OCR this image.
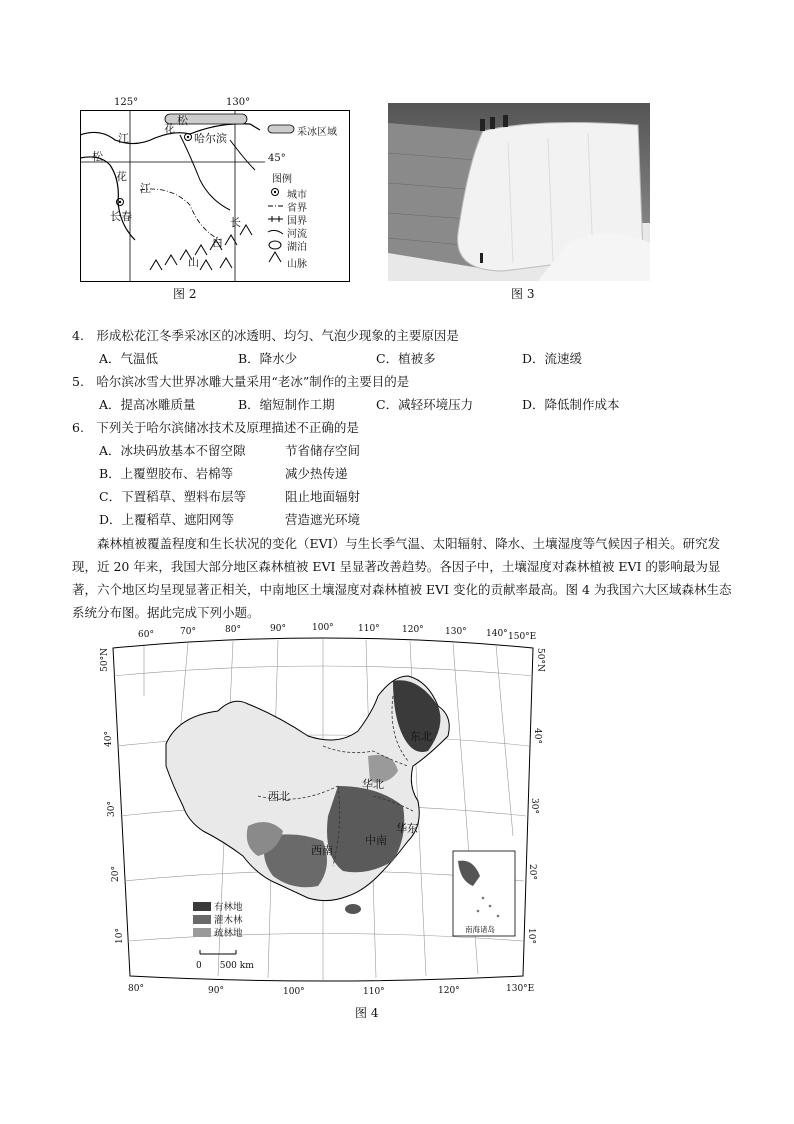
125°	130°
45°
花
松
江
松
花
江
哈尔滨
长春	长
白
山
采冰区域
图例
城市
省界
国界
河流
湖泊
山脉
图 2	图 3
4.　形成松花江冬季采冰区的冰透明、均匀、气泡少现象的主要原因是
A．气温低	B．降水少	C．植被多	D．流速缓
5.　哈尔滨冰雪大世界冰雕大量采用“老冰”制作的主要目的是
A．提高冰雕质量	B．缩短制作工期	C．减轻环境压力	D．降低制作成本
6.　下列关于哈尔滨储冰技术及原理描述不正确的是
A．冰块码放基本不留空隙	节省储存空间
B．上覆塑胶布、岩棉等	减少热传递
C．下置稻草、塑料布层等	阻止地面辐射
D．上覆稻草、遮阳网等	营造遮光环境
森林植被覆盖程度和生长状况的变化（EVI）与生长季气温、太阳辐射、降水、土壤湿度等气候因子相关。研究发现，近 20 年来，我国大部分地区森林植被 EVI 呈显著改善趋势。各因子中，土壤湿度对森林植被 EVI 的影响最为显著，六个地区均呈现显著正相关，中南地区土壤湿度对森林植被 EVI 变化的贡献率最高。图 4 为我国六大区域森林生态系统分布图。据此完成下列小题。
60°	70°	80°	90°	100°	110° 120° 130° 140° 150°E
80°	90°	100°	110°	120°	130°E
50°N
40°
30°
20°
10°
50°N
40°
30°
20°
10°
东北
华北
西北
华东
中南
西南
有林地
灌木林
疏林地
0　　500 km
南海诸岛
图 4
